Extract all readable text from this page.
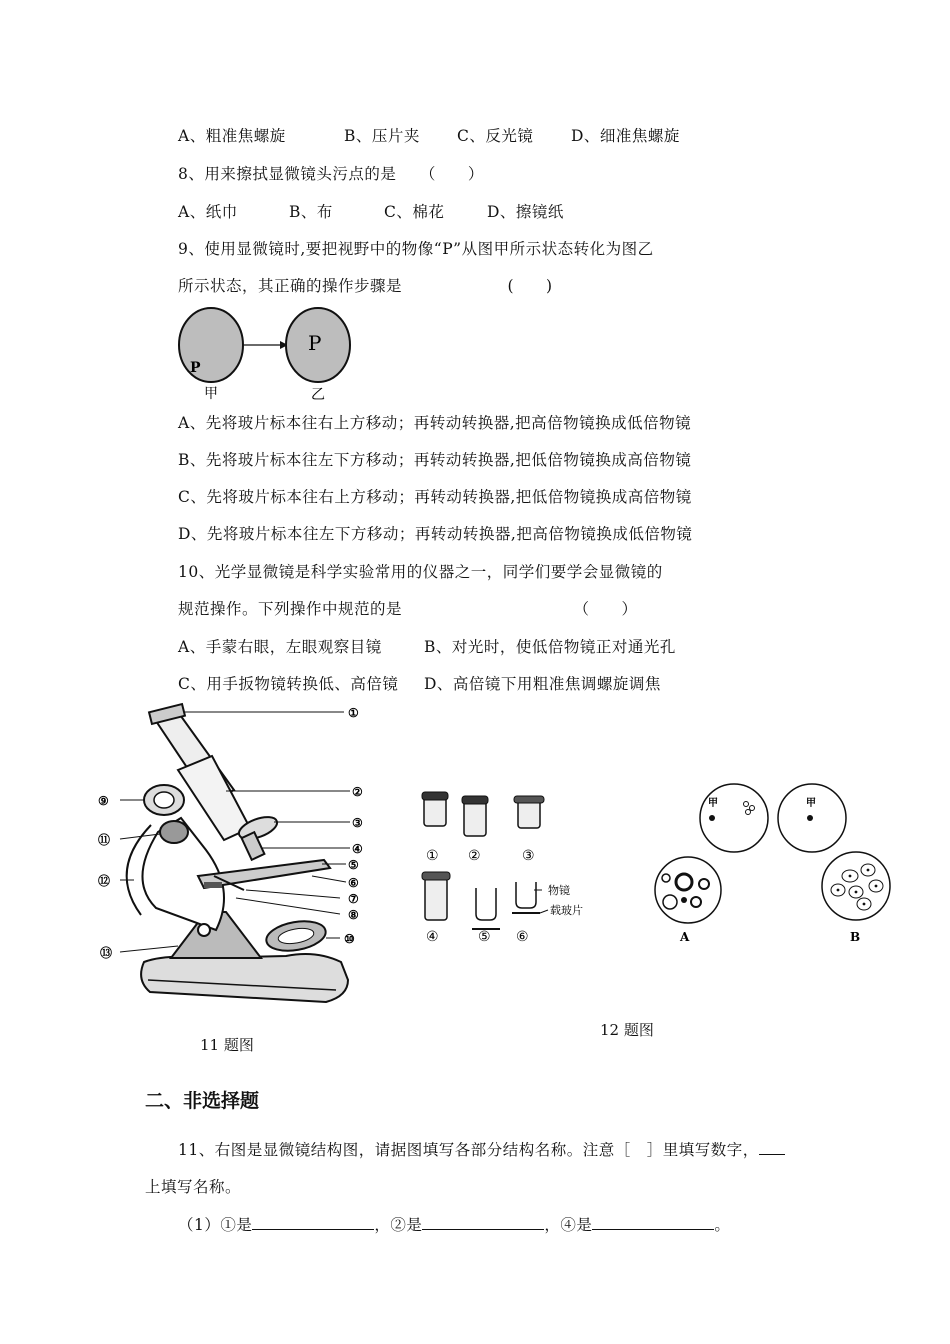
A、粗准焦螺旋	B、压片夹 C、反光镜 D、细准焦螺旋
8、用来擦拭显微镜头污点的是 （　　）
A、纸巾	B、布	C、棉花	D、擦镜纸
9、使用显微镜时,要把视野中的物像“P”从图甲所示状态转化为图乙
所示状态，其正确的操作步骤是	(　　)
P
P
甲	乙
A、先将玻片标本往右上方移动；再转动转换器,把高倍物镜换成低倍物镜
B、先将玻片标本往左下方移动；再转动转换器,把低倍物镜换成高倍物镜
C、先将玻片标本往右上方移动；再转动转换器,把低倍物镜换成高倍物镜
D、先将玻片标本往左下方移动；再转动转换器,把高倍物镜换成低倍物镜
10、光学显微镜是科学实验常用的仪器之一，同学们要学会显微镜的
规范操作。下列操作中规范的是	（　　）
A、手蒙右眼，左眼观察目镜	B、对光时，使低倍物镜正对通光孔
C、用手扳物镜转换低、高倍镜 D、高倍镜下用粗准焦调螺旋调焦
①
②
③
④
⑤
⑥
⑦
⑧
⑩
⑨
⑪
⑫
⑬
11 题图
物镜
载玻片
① ②	③
④	⑤ ⑥
甲	甲
A	B
12 题图
二、非选择题
11、右图是显微镜结构图，请据图填写各部分结构名称。注意［　］里填写数字，
上填写名称。
（1）①是	，②是	，④是	。
